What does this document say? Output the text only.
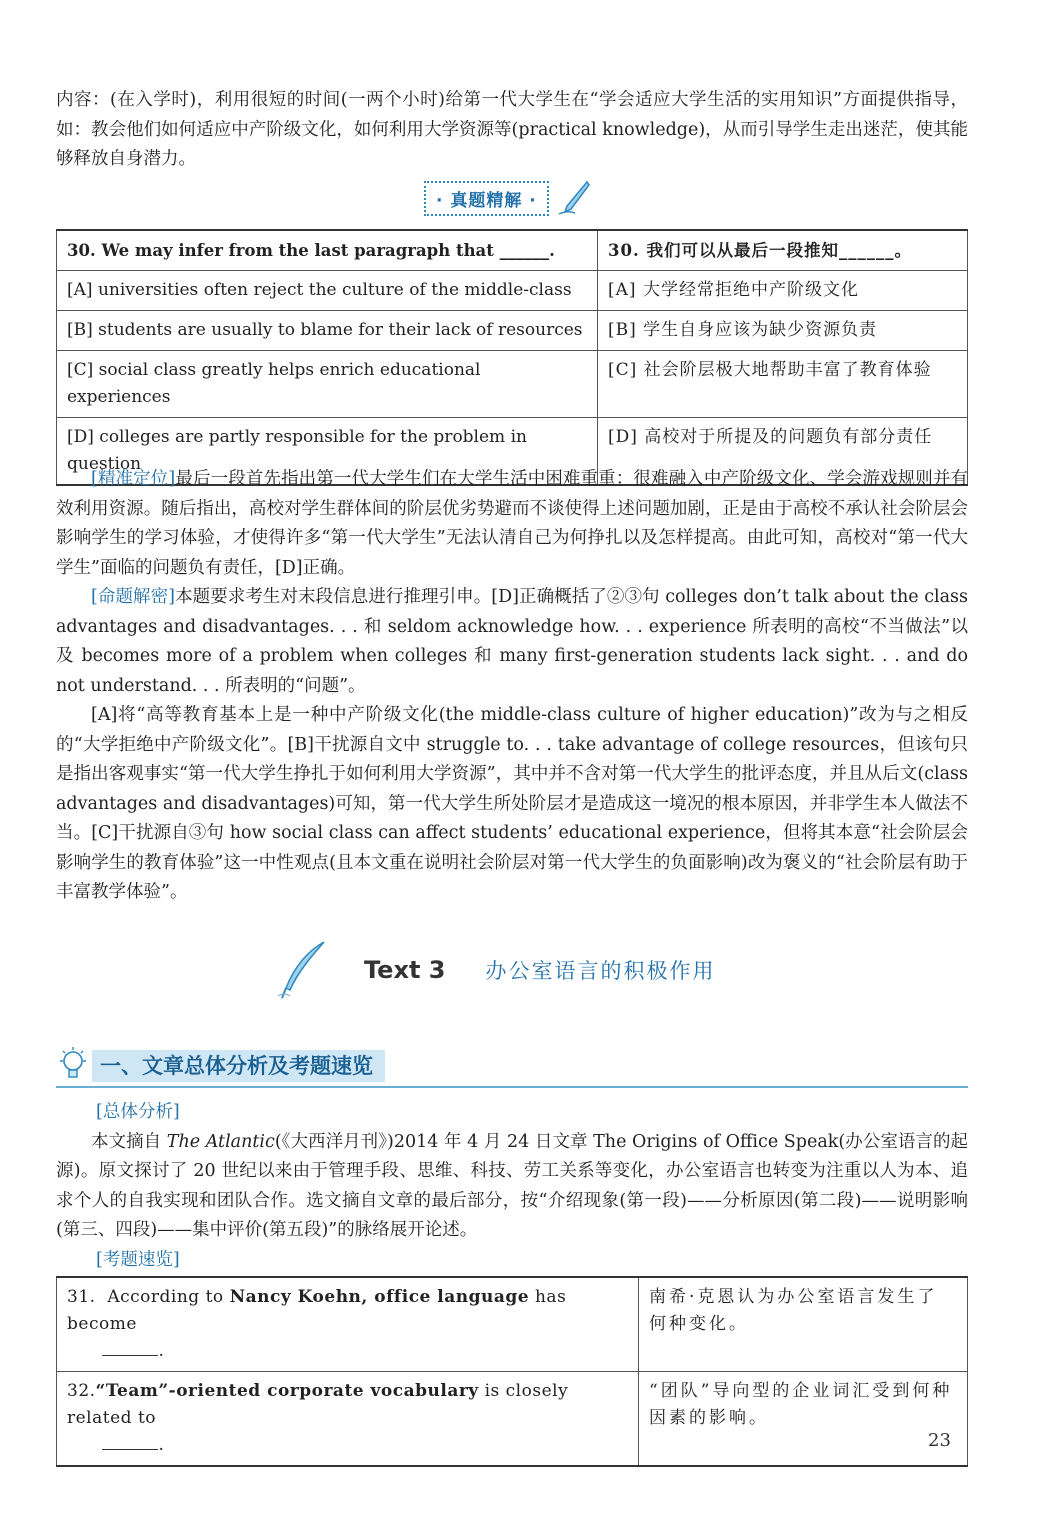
内容：(在入学时)，利用很短的时间(一两个小时)给第一代大学生在“学会适应大学生活的实用知识”方面提供指导，如：教会他们如何适应中产阶级文化，如何利用大学资源等(practical knowledge)，从而引导学生走出迷茫，使其能够释放自身潜力。

· 真题精解 ·
30. We may infer from the last paragraph that ______.	30. 我们可以从最后一段推知______。
[A] universities often reject the culture of the middle-class	[A] 大学经常拒绝中产阶级文化
[B] students are usually to blame for their lack of resources	[B] 学生自身应该为缺少资源负责
[C] social class greatly helps enrich educational experiences	[C] 社会阶层极大地帮助丰富了教育体验
[D] colleges are partly responsible for the problem in question	[D] 高校对于所提及的问题负有部分责任

[精准定位]最后一段首先指出第一代大学生们在大学生活中困难重重：很难融入中产阶级文化、学会游戏规则并有效利用资源。随后指出，高校对学生群体间的阶层优劣势避而不谈使得上述问题加剧，正是由于高校不承认社会阶层会影响学生的学习体验，才使得许多“第一代大学生”无法认清自己为何挣扎以及怎样提高。由此可知，高校对“第一代大学生”面临的问题负有责任，[D]正确。

[命题解密]本题要求考生对末段信息进行推理引申。[D]正确概括了②③句 colleges don’t talk about the class advantages and disadvantages. . . 和 seldom acknowledge how. . . experience 所表明的高校“不当做法”以及 becomes more of a problem when colleges 和 many first-generation students lack sight. . . and do not understand. . . 所表明的“问题”。

[A]将“高等教育基本上是一种中产阶级文化(the middle-class culture of higher education)”改为与之相反的“大学拒绝中产阶级文化”。[B]干扰源自文中 struggle to. . . take advantage of college resources，但该句只是指出客观事实“第一代大学生挣扎于如何利用大学资源”，其中并不含对第一代大学生的批评态度，并且从后文(class advantages and disadvantages)可知，第一代大学生所处阶层才是造成这一境况的根本原因，并非学生本人做法不当。[C]干扰源自③句 how social class can affect students’ educational experience，但将其本意“社会阶层会影响学生的教育体验”这一中性观点(且本文重在说明社会阶层对第一代大学生的负面影响)改为褒义的“社会阶层有助于丰富教学体验”。

Text 3 办公室语言的积极作用
一、文章总体分析及考题速览

[总体分析]

本文摘自 The Atlantic(《大西洋月刊》)2014 年 4 月 24 日文章 The Origins of Office Speak(办公室语言的起源)。原文探讨了 20 世纪以来由于管理手段、思维、科技、劳工关系等变化，办公室语言也转变为注重以人为本、追求个人的自我实现和团队合作。选文摘自文章的最后部分，按“介绍现象(第一段)——分析原因(第二段)——说明影响(第三、四段)——集中评价(第五段)”的脉络展开论述。

[考题速览]

31. According to Nancy Koehn, office language has become
.	南希·克恩认为办公室语言发生了何种变化。
32.“Team”-oriented corporate vocabulary is closely related to
.	“团队”导向型的企业词汇受到何种因素的影响。
23
